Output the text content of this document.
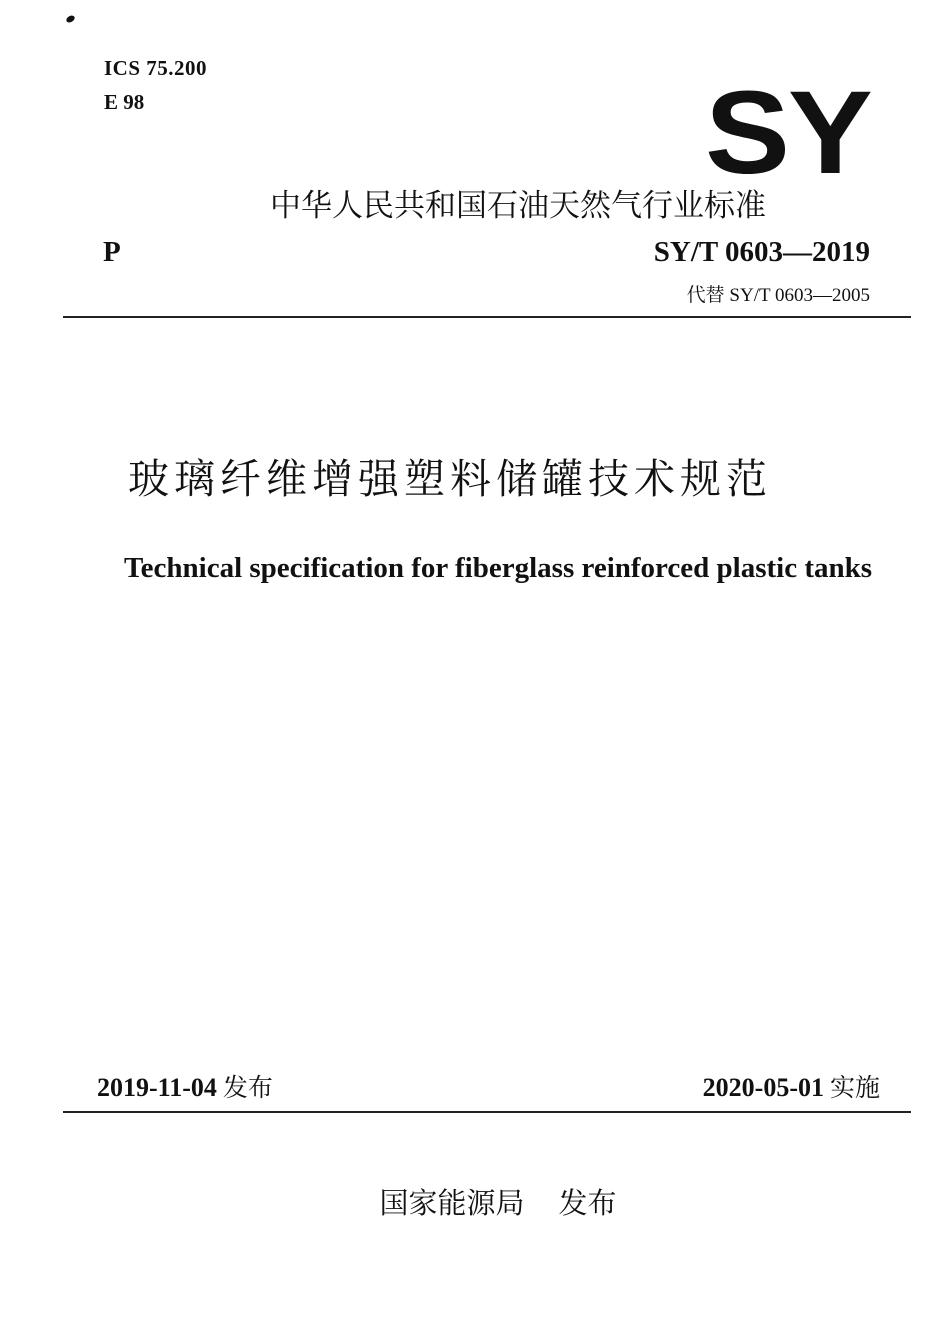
ICS 75.200
E 98	SY
中华人民共和国石油天然气行业标准
P	SY/T 0603—2019
代替 SY/T 0603—2005
玻璃纤维增强塑料储罐技术规范
Technical specification for fiberglass reinforced plastic tanks
2019-11-04 发布	2020-05-01 实施
国家能源局 发布
